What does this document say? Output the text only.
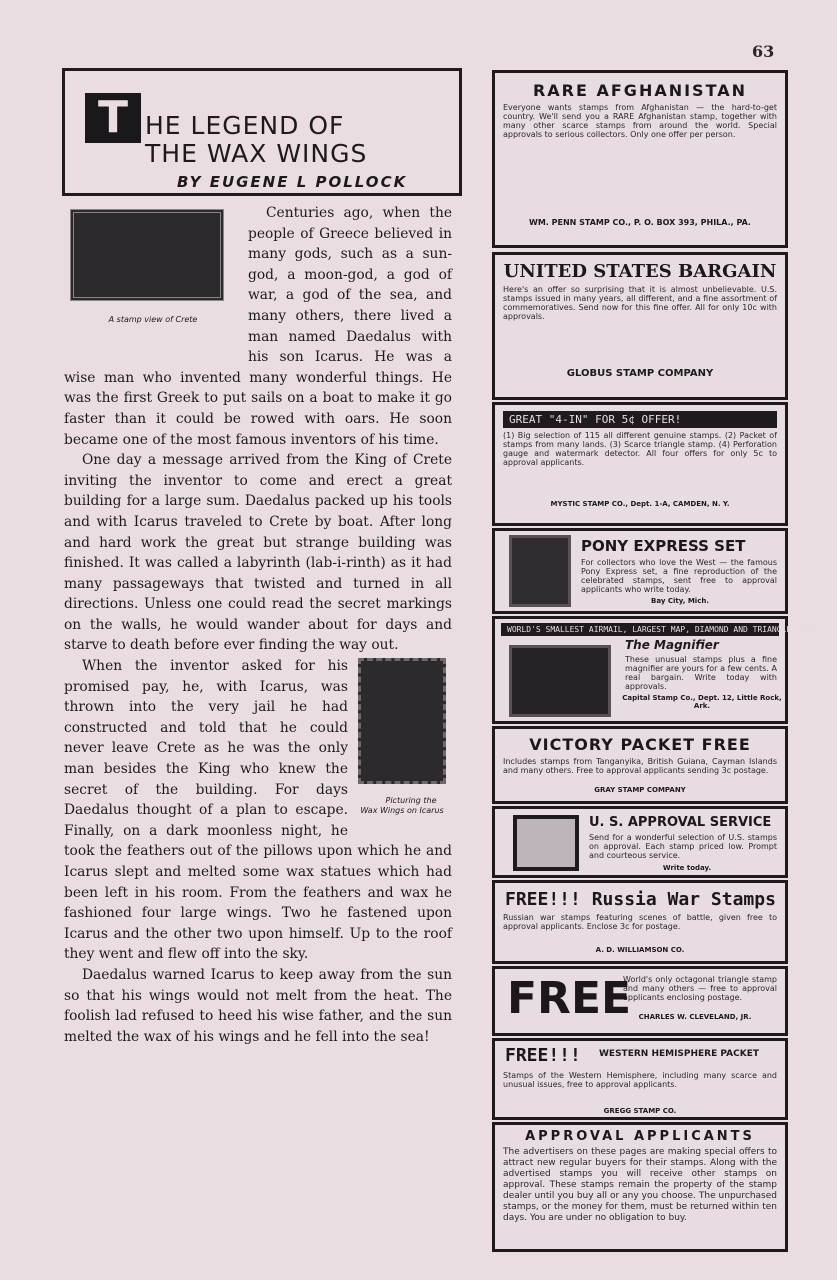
63
T HE LEGEND OF
THE WAX WINGS
BY EUGENE L POLLOCK

A stamp view of Crete
Centuries ago, when the people of Greece believed in many gods, such as a sun-god, a moon-god, a god of war, a god of the sea, and many others, there lived a man named Daedalus with his son Icarus. He was a wise man who invented many wonderful things. He was the first Greek to put sails on a boat to make it go faster than it could be rowed with oars. He soon became one of the most famous inventors of his time.

One day a message arrived from the King of Crete inviting the inventor to come and erect a great building for a large sum. Daedalus packed up his tools and with Icarus traveled to Crete by boat. After long and hard work the great but strange building was finished. It was called a labyrinth (lab-i-rinth) as it had many passageways that twisted and turned in all directions. Unless one could read the secret markings on the walls, he would wander about for days and starve to death before ever finding the way out.

Picturing the Wax Wings on Icarus
When the inventor asked for his promised pay, he, with Icarus, was thrown into the very jail he had constructed and told that he could never leave Crete as he was the only man besides the King who knew the secret of the building. For days Daedalus thought of a plan to escape. Finally, on a dark moonless night, he took the feathers out of the pillows upon which he and Icarus slept and melted some wax statues which had been left in his room. From the feathers and wax he fashioned four large wings. Two he fastened upon Icarus and the other two upon himself. Up to the roof they went and flew off into the sky.

Daedalus warned Icarus to keep away from the sun so that his wings would not melt from the heat. The foolish lad refused to heed his wise father, and the sun melted the wax of his wings and he fell into the sea!

RARE AFGHANISTAN
Everyone wants stamps from Afghanistan — the hard-to-get country. We'll send you a RARE Afghanistan stamp, together with many other scarce stamps from around the world. Special approvals to serious collectors. Only one offer per person.
WM. PENN STAMP CO., P. O. BOX 393, PHILA., PA.
UNITED STATES BARGAIN
Here's an offer so surprising that it is almost unbelievable. U.S. stamps issued in many years, all different, and a fine assortment of commemoratives. Send now for this fine offer. All for only 10c with approvals.
GLOBUS STAMP COMPANY
GREAT "4-IN" FOR 5¢ OFFER!
(1) Big selection of 115 all different genuine stamps. (2) Packet of stamps from many lands. (3) Scarce triangle stamp. (4) Perforation gauge and watermark detector. All four offers for only 5c to approval applicants.
MYSTIC STAMP CO., Dept. 1-A, CAMDEN, N. Y.
PONY EXPRESS SET
For collectors who love the West — the famous Pony Express set, a fine reproduction of the celebrated stamps, sent free to approval applicants who write today.
Bay City, Mich.
WORLD'S SMALLEST AIRMAIL, LARGEST MAP, DIAMOND AND TRIANGLE STAMP
The Magnifier
These unusual stamps plus a fine magnifier are yours for a few cents. A real bargain. Write today with approvals.
Capital Stamp Co., Dept. 12, Little Rock, Ark.
VICTORY PACKET FREE
Includes stamps from Tanganyika, British Guiana, Cayman Islands and many others. Free to approval applicants sending 3c postage.
GRAY STAMP COMPANY
U. S. APPROVAL SERVICE
Send for a wonderful selection of U.S. stamps on approval. Each stamp priced low. Prompt and courteous service.
Write today.
FREE!!! Russia War Stamps
Russian war stamps featuring scenes of battle, given free to approval applicants. Enclose 3c for postage.
A. D. WILLIAMSON CO.
FREE
World's only octagonal triangle stamp and many others — free to approval applicants enclosing postage.
CHARLES W. CLEVELAND, JR.
FREE!!!	WESTERN HEMISPHERE PACKET
Stamps of the Western Hemisphere, including many scarce and unusual issues, free to approval applicants.
GREGG STAMP CO.
APPROVAL APPLICANTS
The advertisers on these pages are making special offers to attract new regular buyers for their stamps. Along with the advertised stamps you will receive other stamps on approval. These stamps remain the property of the stamp dealer until you buy all or any you choose. The unpurchased stamps, or the money for them, must be returned within ten days. You are under no obligation to buy.
